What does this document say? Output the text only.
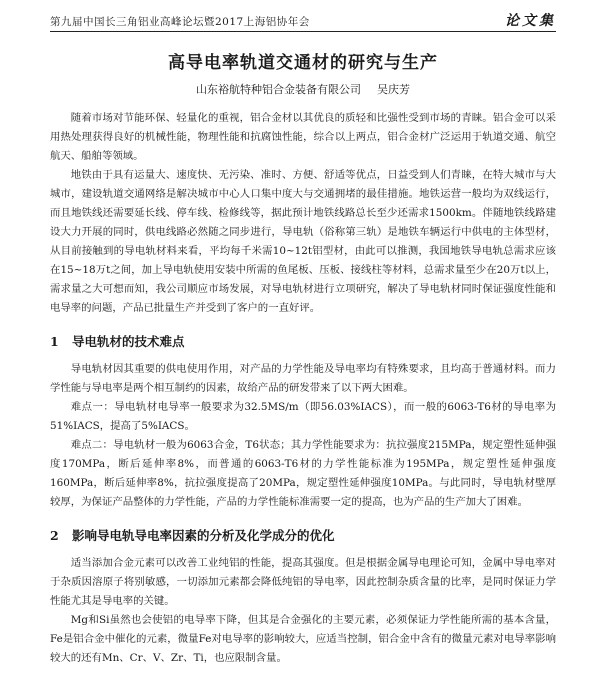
第九届中国长三角铝业高峰论坛暨2017上海铝协年会	论文集
高导电率轨道交通材的研究与生产
山东裕航特种铝合金装备有限公司 吴庆芳

随着市场对节能环保、轻量化的重视，铝合金材以其优良的质轻和比强性受到市场的青睐。铝合金可以采用热处理获得良好的机械性能，物理性能和抗腐蚀性能，综合以上两点，铝合金材广泛运用于轨道交通、航空航天、船舶等领域。

地铁由于具有运量大、速度快、无污染、准时、方便、舒适等优点，日益受到人们青睐，在特大城市与大城市，建设轨道交通网络是解决城市中心人口集中度大与交通拥堵的最佳措施。地铁运营一般均为双线运行，而且地铁线还需要延长线、停车线、检修线等，据此预计地铁线路总长至少还需求1500km。伴随地铁线路建设大力开展的同时，供电线路必然随之同步进行，导电轨（俗称第三轨）是地铁车辆运行中供电的主体型材，从目前接触到的导电轨材料来看，平均每千米需10~12t铝型材，由此可以推测，我国地铁导电轨总需求应该在15~18万t之间，加上导电轨使用安装中所需的鱼尾板、压板、接线柱等材料，总需求量至少在20万t以上，需求量之大可想而知，我公司顺应市场发展，对导电轨材进行立项研究，解决了导电轨材同时保证强度性能和电导率的问题，产品已批量生产并受到了客户的一直好评。

1 导电轨材的技术难点

导电轨材因其重要的供电使用作用，对产品的力学性能及导电率均有特殊要求，且均高于普通材料。而力学性能与导电率是两个相互制约的因素，故给产品的研发带来了以下两大困难。

难点一：导电轨材电导率一般要求为32.5MS/m（即56.03%IACS），而一般的6063-T6材的导电率为51%IACS，提高了5%IACS。

难点二：导电轨材一般为6063合金，T6状态；其力学性能要求为：抗拉强度215MPa，规定塑性延伸强度170MPa，断后延伸率8%，而普通的6063-T6材的力学性能标准为195MPa，规定塑性延伸强度160MPa，断后延伸率8%，抗拉强度提高了20MPa，规定塑性延伸强度10MPa。与此同时，导电轨材壁厚较厚，为保证产品整体的力学性能，产品的力学性能标准需要一定的提高，也为产品的生产加大了困难。

2 影响导电轨导电率因素的分析及化学成分的优化

适当添加合金元素可以改善工业纯铝的性能，提高其强度。但是根据金属导电理论可知，金属中导电率对于杂质因溶原子将别敏感，一切添加元素都会降低纯铝的导电率，因此控制杂质含量的比率，是同时保证力学性能尤其是导电率的关键。

Mg和Si虽然也会使铝的电导率下降，但其是合金强化的主要元素，必须保证力学性能所需的基本含量，Fe是铝合金中催化的元素，微量Fe对电导率的影响较大，应适当控制，铝合金中含有的微量元素对电导率影响较大的还有Mn、Cr、V、Zr、Ti，也应限制含量。
